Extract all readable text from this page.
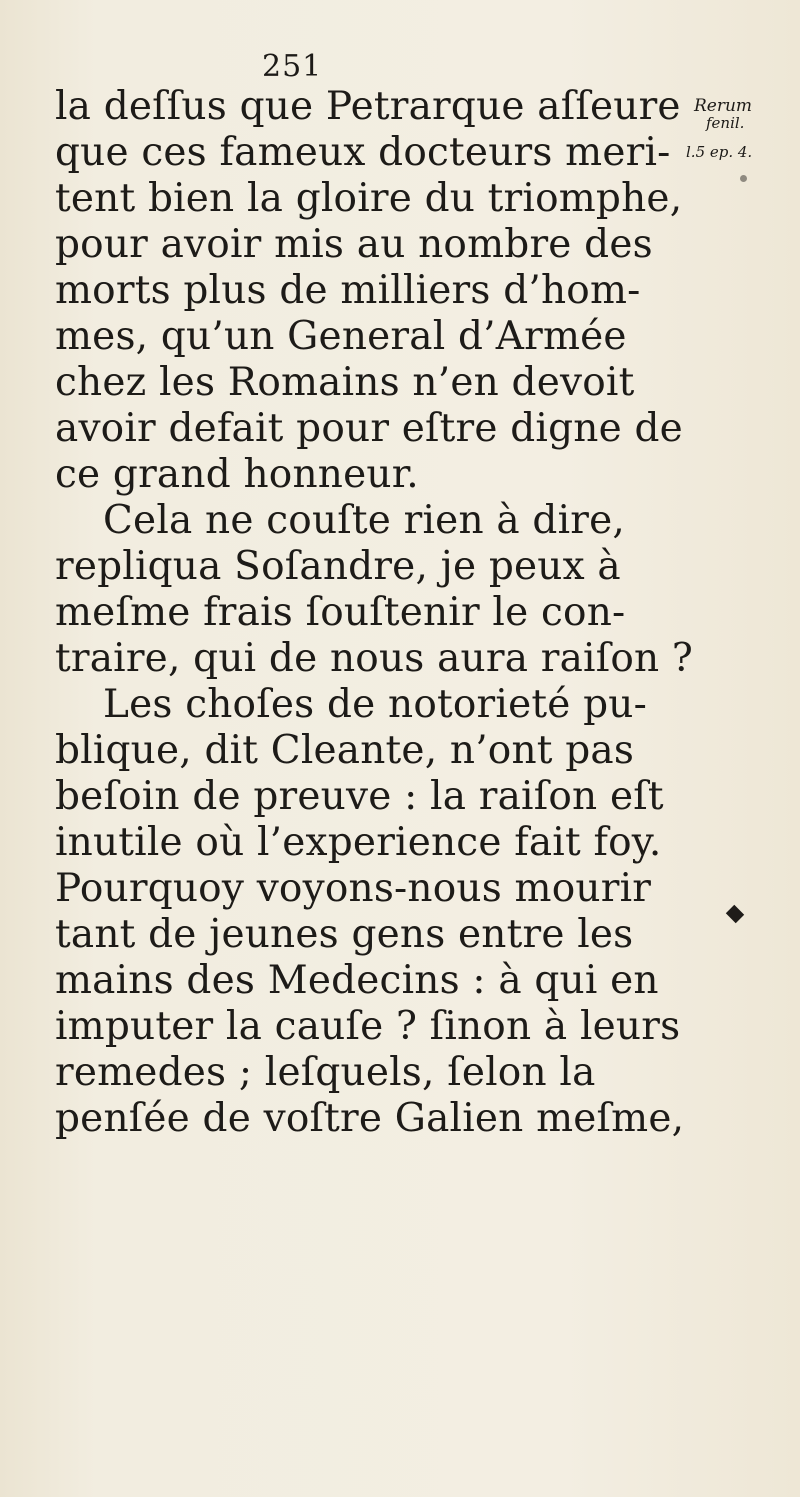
251
la deſſus que Petrarque aſſeure
que ces fameux docteurs meri-
tent bien la gloire du triomphe,
pour avoir mis au nombre des
morts plus de milliers d’hom-
mes, qu’un General d’Armée
chez les Romains n’en devoit
avoir defait pour eſtre digne de
ce grand honneur.
Cela ne couſte rien à dire,
repliqua Soſandre, je peux à
meſme frais ſouſtenir le con-
traire, qui de nous aura raiſon ?
Les choſes de notorieté pu-
blique, dit Cleante, n’ont pas
beſoin de preuve : la raiſon eſt
inutile où l’experience fait foy.
Pourquoy voyons-nous mourir
tant de jeunes gens entre les
mains des Medecins : à qui en
imputer la cauſe ? ſinon à leurs
remedes ; leſquels, ſelon la
penſée de voſtre Galien meſme,
Rerum
fenil.
l.5 ep. 4.
